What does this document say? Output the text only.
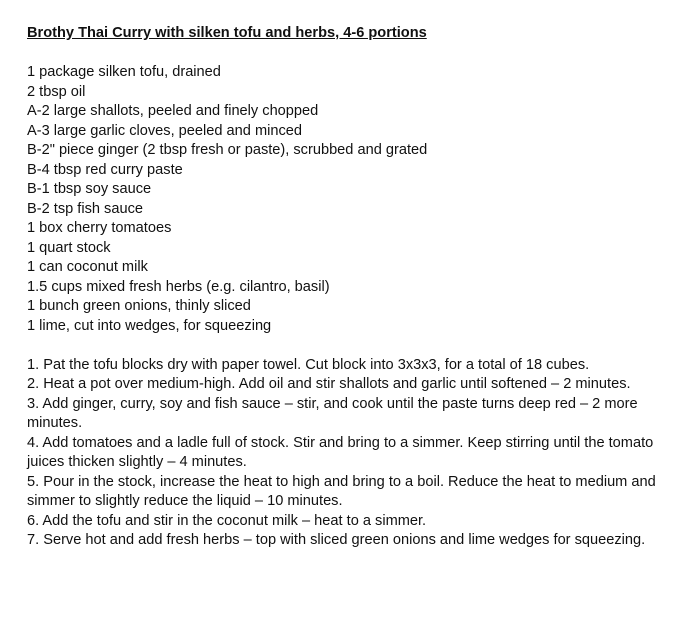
Brothy Thai Curry with silken tofu and herbs, 4-6 portions
1 package silken tofu, drained
2 tbsp oil
A-2 large shallots, peeled and finely chopped
A-3 large garlic cloves, peeled and minced
B-2" piece ginger (2 tbsp fresh or paste), scrubbed and grated
B-4 tbsp red curry paste
B-1 tbsp soy sauce
B-2 tsp fish sauce
1 box cherry tomatoes
1 quart stock
1 can coconut milk
1.5 cups mixed fresh herbs (e.g. cilantro, basil)
1 bunch green onions, thinly sliced
1 lime, cut into wedges, for squeezing
1. Pat the tofu blocks dry with paper towel. Cut block into 3x3x3, for a total of 18 cubes.
2. Heat a pot over medium-high. Add oil and stir shallots and garlic until softened – 2 minutes.
3. Add ginger, curry, soy and fish sauce – stir, and cook until the paste turns deep red – 2 more minutes.
4. Add tomatoes and a ladle full of stock. Stir and bring to a simmer. Keep stirring until the tomato juices thicken slightly – 4 minutes.
5. Pour in the stock, increase the heat to high and bring to a boil. Reduce the heat to medium and simmer to slightly reduce the liquid – 10 minutes.
6. Add the tofu and stir in the coconut milk – heat to a simmer.
7. Serve hot and add fresh herbs – top with sliced green onions and lime wedges for squeezing.
